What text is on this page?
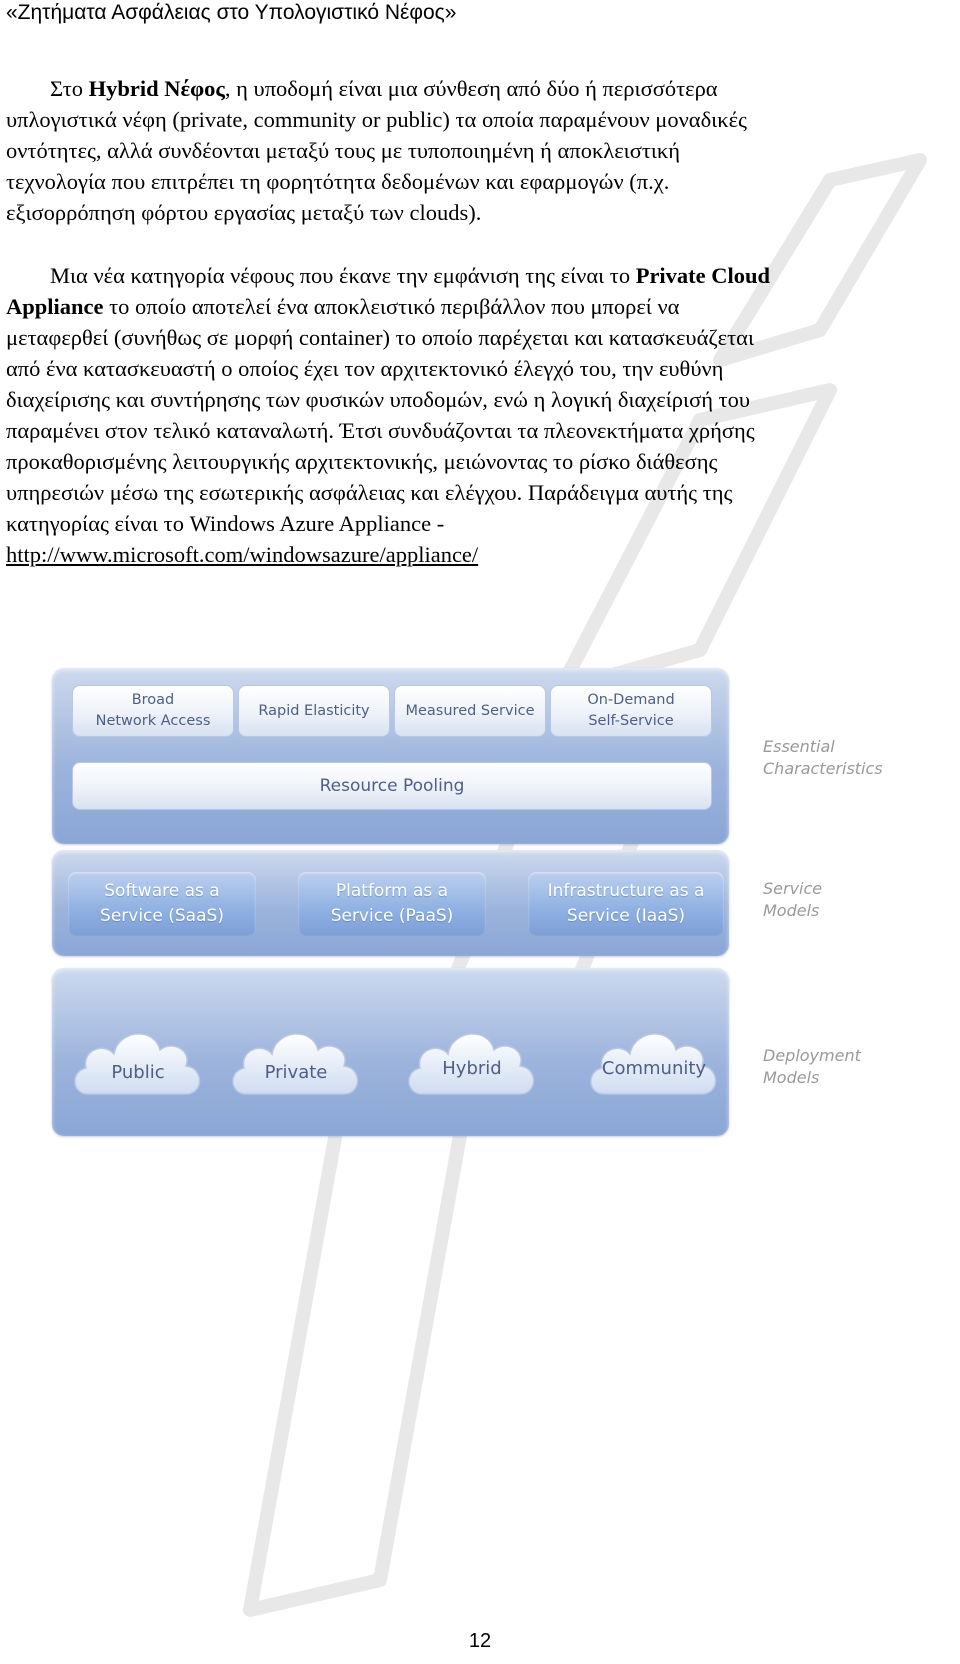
«Ζητήματα Ασφάλειας στο Υπολογιστικό Νέφος»
Στο Hybrid Νέφος, η υποδομή είναι μια σύνθεση από δύο ή περισσότερα
υπλογιστικά νέφη (private, community or public) τα οποία παραμένουν μοναδικές
οντότητες, αλλά συνδέονται μεταξύ τους με τυποποιημένη ή αποκλειστική
τεχνολογία που επιτρέπει τη φορητότητα δεδομένων και εφαρμογών (π.χ.
εξισορρόπηση φόρτου εργασίας μεταξύ των clouds).
Μια νέα κατηγορία νέφους που έκανε την εμφάνιση της είναι το Private Cloud
Appliance το οποίο αποτελεί ένα αποκλειστικό περιβάλλον που μπορεί να
μεταφερθεί (συνήθως σε μορφή container) το οποίο παρέχεται και κατασκευάζεται
από ένα κατασκευαστή ο οποίος έχει τον αρχιτεκτονικό έλεγχό του, την ευθύνη
διαχείρισης και συντήρησης των φυσικών υποδομών, ενώ η λογική διαχείρισή του
παραμένει στον τελικό καταναλωτή. Έτσι συνδυάζονται τα πλεονεκτήματα χρήσης
προκαθορισμένης λειτουργικής αρχιτεκτονικής, μειώνοντας το ρίσκο διάθεσης
υπηρεσιών μέσω της εσωτερικής ασφάλειας και ελέγχου. Παράδειγμα αυτής της
κατηγορίας είναι το Windows Azure Appliance -
http://www.microsoft.com/windowsazure/appliance/
Broad
Network Access
Rapid Elasticity	Measured Service
On-Demand
Self-Service
Resource Pooling
Software as a
Service (SaaS)
Platform as a
Service (PaaS)
Infrastructure as a
Service (IaaS)
Public	Private	Hybrid	Community
Essential
Characteristics
Service
Models
Deployment
Models
12
